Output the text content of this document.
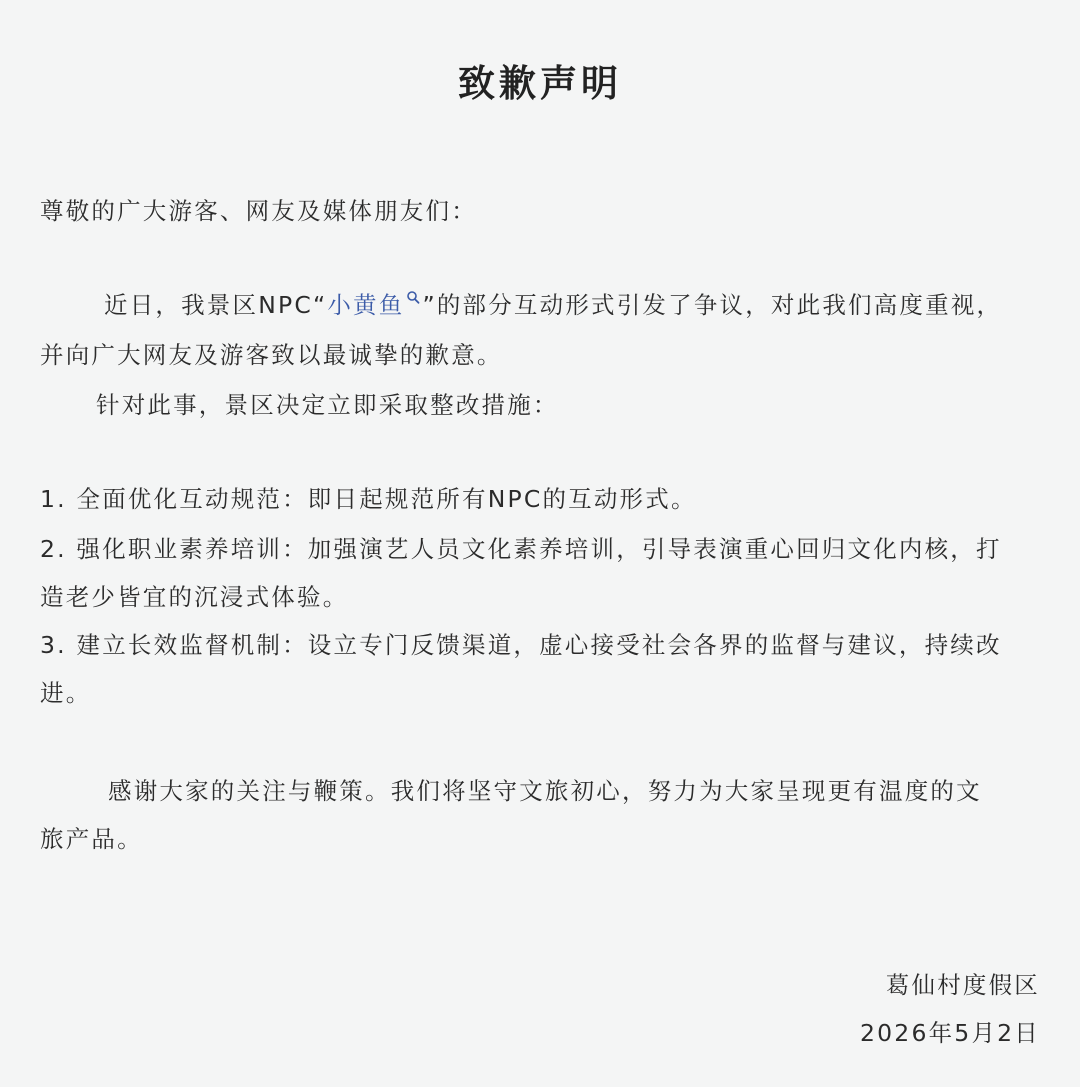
致歉声明
尊敬的广大游客、网友及媒体朋友们：
近日，我景区NPC“小黄鱼 ”的部分互动形式引发了争议，对此我们高度重视，
并向广大网友及游客致以最诚挚的歉意。
针对此事，景区决定立即采取整改措施：
1. 全面优化互动规范：即日起规范所有NPC的互动形式。
2. 强化职业素养培训：加强演艺人员文化素养培训，引导表演重心回归文化内核，打
造老少皆宜的沉浸式体验。
3. 建立长效监督机制：设立专门反馈渠道，虚心接受社会各界的监督与建议，持续改
进。
感谢大家的关注与鞭策。我们将坚守文旅初心，努力为大家呈现更有温度的文
旅产品。
葛仙村度假区
2026年5月2日
